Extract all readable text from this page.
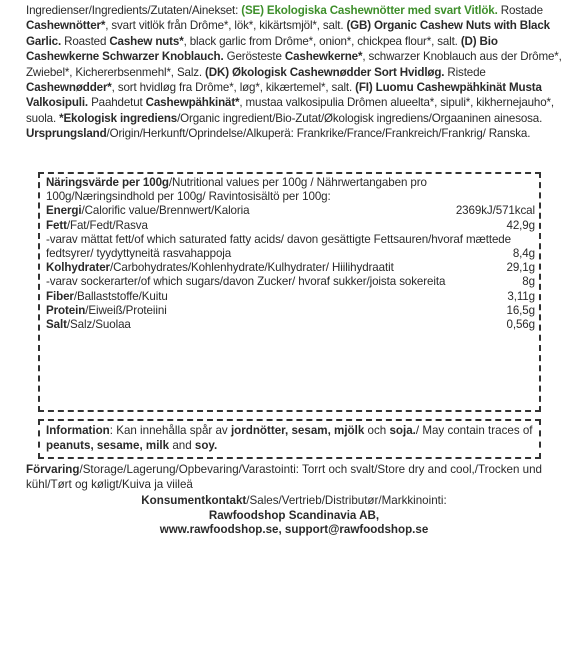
Ingredienser/Ingredients/Zutaten/Ainekset: (SE) Ekologiska Cashewnötter med svart Vitlök. Rostade Cashewnötter*, svart vitlök från Drôme*, lök*, kikärtsmjöl*, salt. (GB) Organic Cashew Nuts with Black Garlic. Roasted Cashew nuts*, black garlic from Drôme*, onion*, chickpea flour*, salt. (D) Bio Cashewkerne Schwarzer Knoblauch. Gerösteste Cashewkerne*, schwarzer Knoblauch aus der Drôme*, Zwiebel*, Kichererbsenmehl*, Salz. (DK) Økologisk Cashewnødder Sort Hvidløg. Ristede Cashewnødder*, sort hvidløg fra Drôme*, løg*, kikærtemel*, salt. (FI) Luomu Cashewpähkinät Musta Valkosipuli. Paahdetut Cashewpähkinät*, mustaa valkosipulia Drômen alueelta*, sipuli*, kikhernejauho*, suola. *Ekologisk ingrediens/Organic ingredient/Bio-Zutat/Økologisk ingrediens/Orgaaninen ainesosa. Ursprungsland/Origin/Herkunft/Oprindelse/Alkuperä: Frankrike/France/Frankreich/Frankrig/ Ranska.
Näringsvärde per 100g/Nutritional values per 100g / Nährwertangaben pro 100g/Næringsindhold per 100g/ Ravintosisältö per 100g:
Energi/Calorific value/Brennwert/Kaloria	2369kJ/571kcal
Fett/Fat/Fedt/Rasva	42,9g
-varav mättat fett/of which saturated fatty acids/ davon gesättigte Fettsauren/hvoraf mættede fedtsyrer/ tyydyttyneitä rasvahappoja	8,4g
Kolhydrater/Carbohydrates/Kohlenhydrate/Kulhydrater/ Hiilihydraatit	29,1g
-varav sockerarter/of which sugars/davon Zucker/ hvoraf sukker/joista sokereita	8g
Fiber/Ballaststoffe/Kuitu	3,11g
Protein/Eiweiß/Proteiini	16,5g
Salt/Salz/Suolaa	0,56g
Information: Kan innehålla spår av jordnötter, sesam, mjölk och soja./ May contain traces of peanuts, sesame, milk and soy.
Förvaring/Storage/Lagerung/Opbevaring/Varastointi: Torrt och svalt/Store dry and cool,/Trocken und kühl/Tørt og køligt/Kuiva ja viileä
Konsumentkontakt/Sales/Vertrieb/Distributør/Markkinointi:
Rawfoodshop Scandinavia AB,
www.rawfoodshop.se, support@rawfoodshop.se
